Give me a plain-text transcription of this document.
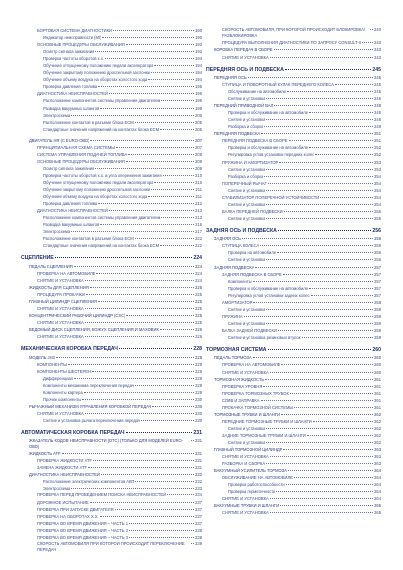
БОРТОВАЯ СИСТЕМА ДИАГНОСТИКИ	190
Индикатор неисправности (MI)	190
ОСНОВНЫЕ ПРОЦЕДУРЫ ОБСЛУЖИВАНИЯ	193
Осмотр сигнала зажигания	193
Проверка частоты оборотов х.х.	194
Обучение отпущенному положению педали акселератора	194
Обучение закрытому положению дроссельной заслонки	194
Обучение объему воздуха на оборотах холостого хода	194
Проверка давления топлива	195
ДИАГНОСТИКА НЕИСПРАВНОСТЕЙ	196
Расположение компонентов системы управления двигателем	196
Разводка вакуумных шлангов	199
Электросхема	200
Расположение контактов в разъеме блока ECM	205
Стандартные значения напряжений на контактах блока ECM	205
ДВИГАТЕЛЬ HR (С EURO-OBD)	207
ПРИНЦИПИАЛЬНАЯ СХЕМА СИСТЕМЫ	207
СИСТЕМА УПРАВЛЕНИЯ ПОДАЧЕЙ ТОПЛИВА	208
ОСНОВНЫЕ ПРОЦЕДУРЫ ОБСЛУЖИВАНИЯ	209
Осмотр сигнала зажигания	209
Проверка частоты оборотов х.х. и угла опережения зажигания	210
Обучение отпущенному положению педали акселератора	210
Обучение закрытому положению дроссельной заслонки	211
Обучение объему воздуха на оборотах холостого хода	211
Проверка давления топлива	212
ДИАГНОСТИКА НЕИСПРАВНОСТЕЙ	213
Расположение компонентов системы управления двигателем	213
Разводка вакуумных шлангов	216
Электросхема	217
Расположение контактов в разъеме блока ECM	222
Стандартные значения напряжений на контактах блока ECM	222
СЦЕПЛЕНИЕ	224
ПЕДАЛЬ СЦЕПЛЕНИЯ	224
ПРОВЕРКА НА АВТОМОБИЛЕ	224
СНЯТИЕ И УСТАНОВКА	224
ЖИДКОСТЬ ДЛЯ СЦЕПЛЕНИЯ	225
ПРОЦЕДУРА ПРОКАЧКИ	225
ГЛАВНЫЙ ЦИЛИНДР СЦЕПЛЕНИЯ	225
СНЯТИЕ И УСТАНОВКА	225
КОНЦЕНТРИЧЕСКИЙ РАБОЧИЙ ЦИЛИНДР (CSC)	225
СНЯТИЕ И УСТАНОВКА	225
ВЕДОМЫЙ ДИСК СЦЕПЛЕНИЯ, КОЖУХ СЦЕПЛЕНИЯ И МАХОВИК	226
СНЯТИЕ И УСТАНОВКА	226
МЕХАНИЧЕСКАЯ КОРОБКА ПЕРЕДАЧ	228
МОДЕЛЬ JH3	228
КОМПОНЕНТЫ	228
КОМПОНЕНТЫ ШЕСТЕРЕН	228
Дифференциал	229
Компоненты механизма переключения передач	229
Компоненты картера	229
Прочие компоненты	230
РЫЧАЖНЫЙ МЕХАНИЗМ УПРАВЛЕНИЯ КОРОБКОЙ ПЕРЕДАЧ	230
СНЯТИЕ И УСТАНОВКА	230
Снятие и установка рычага переключения передач	230
АВТОМАТИЧЕСКАЯ КОРОБКА ПЕРЕДАЧ	231
ЖКАЗАТЕЛЬ КОДОВ НЕИСПРАВНОСТИ (DTC) (ТОЛЬКО ДЛЯ МОДЕЛЕЙ EURO-OBD)
231
ЖИДКОСТЬ ATF	231
ПРОВЕРКА ЖИДКОСТИ ATF	231
ЗАМЕНА ЖИДКОСТИ ATF	231
ДИАГНОСТИКА НЕИСПРАВНОСТЕЙ	232
Расположение электрических компонентов АКП	232
Электросхема	233
ПРОВЕРКА ПЕРЕД ПРОВЕДЕНИЕМ ПОИСКА НЕИСПРАВНОСТЕЙ	234
ДОРОЖНОЕ ИСПЫТАНИЕ	237
ПРОВЕРКА ПРИ ЗАПУСКЕ ДВИГАТЕЛЯ	237
ПРОВЕРКА НА ОБОРОТАХ Х.Х.	237
ПРОВЕРКА ВО ВРЕМЯ ДВИЖЕНИЯ – ЧАСТЬ 1	237
ПРОВЕРКА ВО ВРЕМЯ ДВИЖЕНИЯ – ЧАСТЬ 2	238
ПРОВЕРКА ВО ВРЕМЯ ДВИЖЕНИЯ – ЧАСТЬ 3	238
СКОРОСТЬ АВТОМОБИЛЯ ПРИ КОТОРОЙ ПРОИСХОДИТ ПЕРЕКЛЮЧЕНИЕ ПЕРЕДАЧ
239
СКОРОСТЬ АВТОМОБИЛЯ, ПРИ КОТОРОЙ ПРОИСХОДИТ БЛОКИРОВКА/ РАЗБЛОКИРОВКА
240
ПРОЦЕДУРА ВЫПОЛНЕНИЯ ДИАГНОСТИКИ ПО ЗАПРОСУ CONSULT-II	240
КОРОБКА ПЕРЕДАЧ В СБОРЕ	243
СНЯТИЕ И УСТАНОВКА	243
ПЕРЕДНЯЯ ОСЬ И ПОДВЕСКА	245
ПЕРЕДНЯЯ ОСЬ	245
СТУПИЦА И ПОВОРОТНЫЙ КУЛАК ПЕРЕДНЕГО КОЛЕСА	245
Обслуживание на автомобиле	245
Снятие и установка	246
ПЕРЕДНИЙ ПРИВОДНОЙ ВАЛ	248
Проверка и обслуживание на автомобиле	248
Снятие и установка	248
Разборка и сборка	249
ПЕРЕДНЯЯ ПОДВЕСКА	251
ПЕРЕДНЯЯ ПОДВЕСКА В СБОРЕ	251
Проверка и обслуживание на автомобиле	252
Регулировка углов установки передних колес	252
ПРУЖИНА И АМОРТИЗАТОР	253
Снятие и установка	253
Разборка и сборка	254
ПОПЕРЕЧНЫЙ РЫЧАГ	254
Снятие и установка	254
СТАБИЛИЗАТОР ПОПЕРЕЧНОЙ УСТОЙЧИВОСТИ	254
Снятие и установка	254
БАЛКА ПЕРЕДНЕЙ ПОДВЕСКИ	255
Снятие и установка	255
ЗАДНЯЯ ОСЬ И ПОДВЕСКА	256
ЗАДНЯЯ ОСЬ	256
СТУПИЦА КОЛЕСА	256
Проверка на автомобиле	256
Снятие и установка	256
ЗАДНЯЯ ПОДВЕСКА	257
ЗАДНЯЯ ПОДВЕСКА В СБОРЕ	257
Компоненты	257
Проверка и обслуживание на автомобиле	257
Регулировка углов установки задних колес	257
АМОРТИЗАТОР	258
Снятие и установка	258
ПРУЖИНА	259
Снятие и установка	259
БАЛКА ЗАДНЕЙ ПОДВЕСКИ	259
Снятие и установка резиновых втулок	259
ТОРМОЗНАЯ СИСТЕМА	260
ПЕДАЛЬ ТОРМОЗА	260
ПРОВЕРКА НА АВТОМОБИЛЕ	260
СНЯТИЕ И УСТАНОВКА	260
ТОРМОЗНАЯ ЖИДКОСТЬ	261
ПРОВЕРКА УРОВНЯ	261
ПРОВЕРКА ТОРМОЗНЫХ ТРУБОК	261
СЛИВ И ЗАПРАВКА	261
ПРОКАЧКА ТОРМОЗНОЙ СИСТЕМЫ	261
ТОРМОЗНЫЕ ТРУБКИ И ШЛАНГИ	262
ПЕРЕДНИЕ ТОРМОЗНЫЕ ТРУБКИ И ШЛАНГИ	262
Снятие и установка	262
ЗАДНИЕ ТОРМОЗНЫЕ ТРУБКИ И ШЛАНГИ	262
Снятие и установка	262
ГЛАВНЫЙ ТОРМОЗНОЙ ЦИЛИНДР	263
СНЯТИЕ И УСТАНОВКА	263
РАЗБОРКА И СБОРКА	263
ВАКУУМНЫЙ УСИЛИТЕЛЬ ТОРМОЗА	264
ОБСЛУЖИВАНИЕ НА АВТОМОБИЛЕ	264
Проверка работоспособности	264
Проверка герметичности	264
СНЯТИЕ И УСТАНОВКА	264
ВАКУУМНЫЕ ТРУБКИ И ШЛАНГИ	265
СНЯТИЕ И УСТАНОВКА	265
